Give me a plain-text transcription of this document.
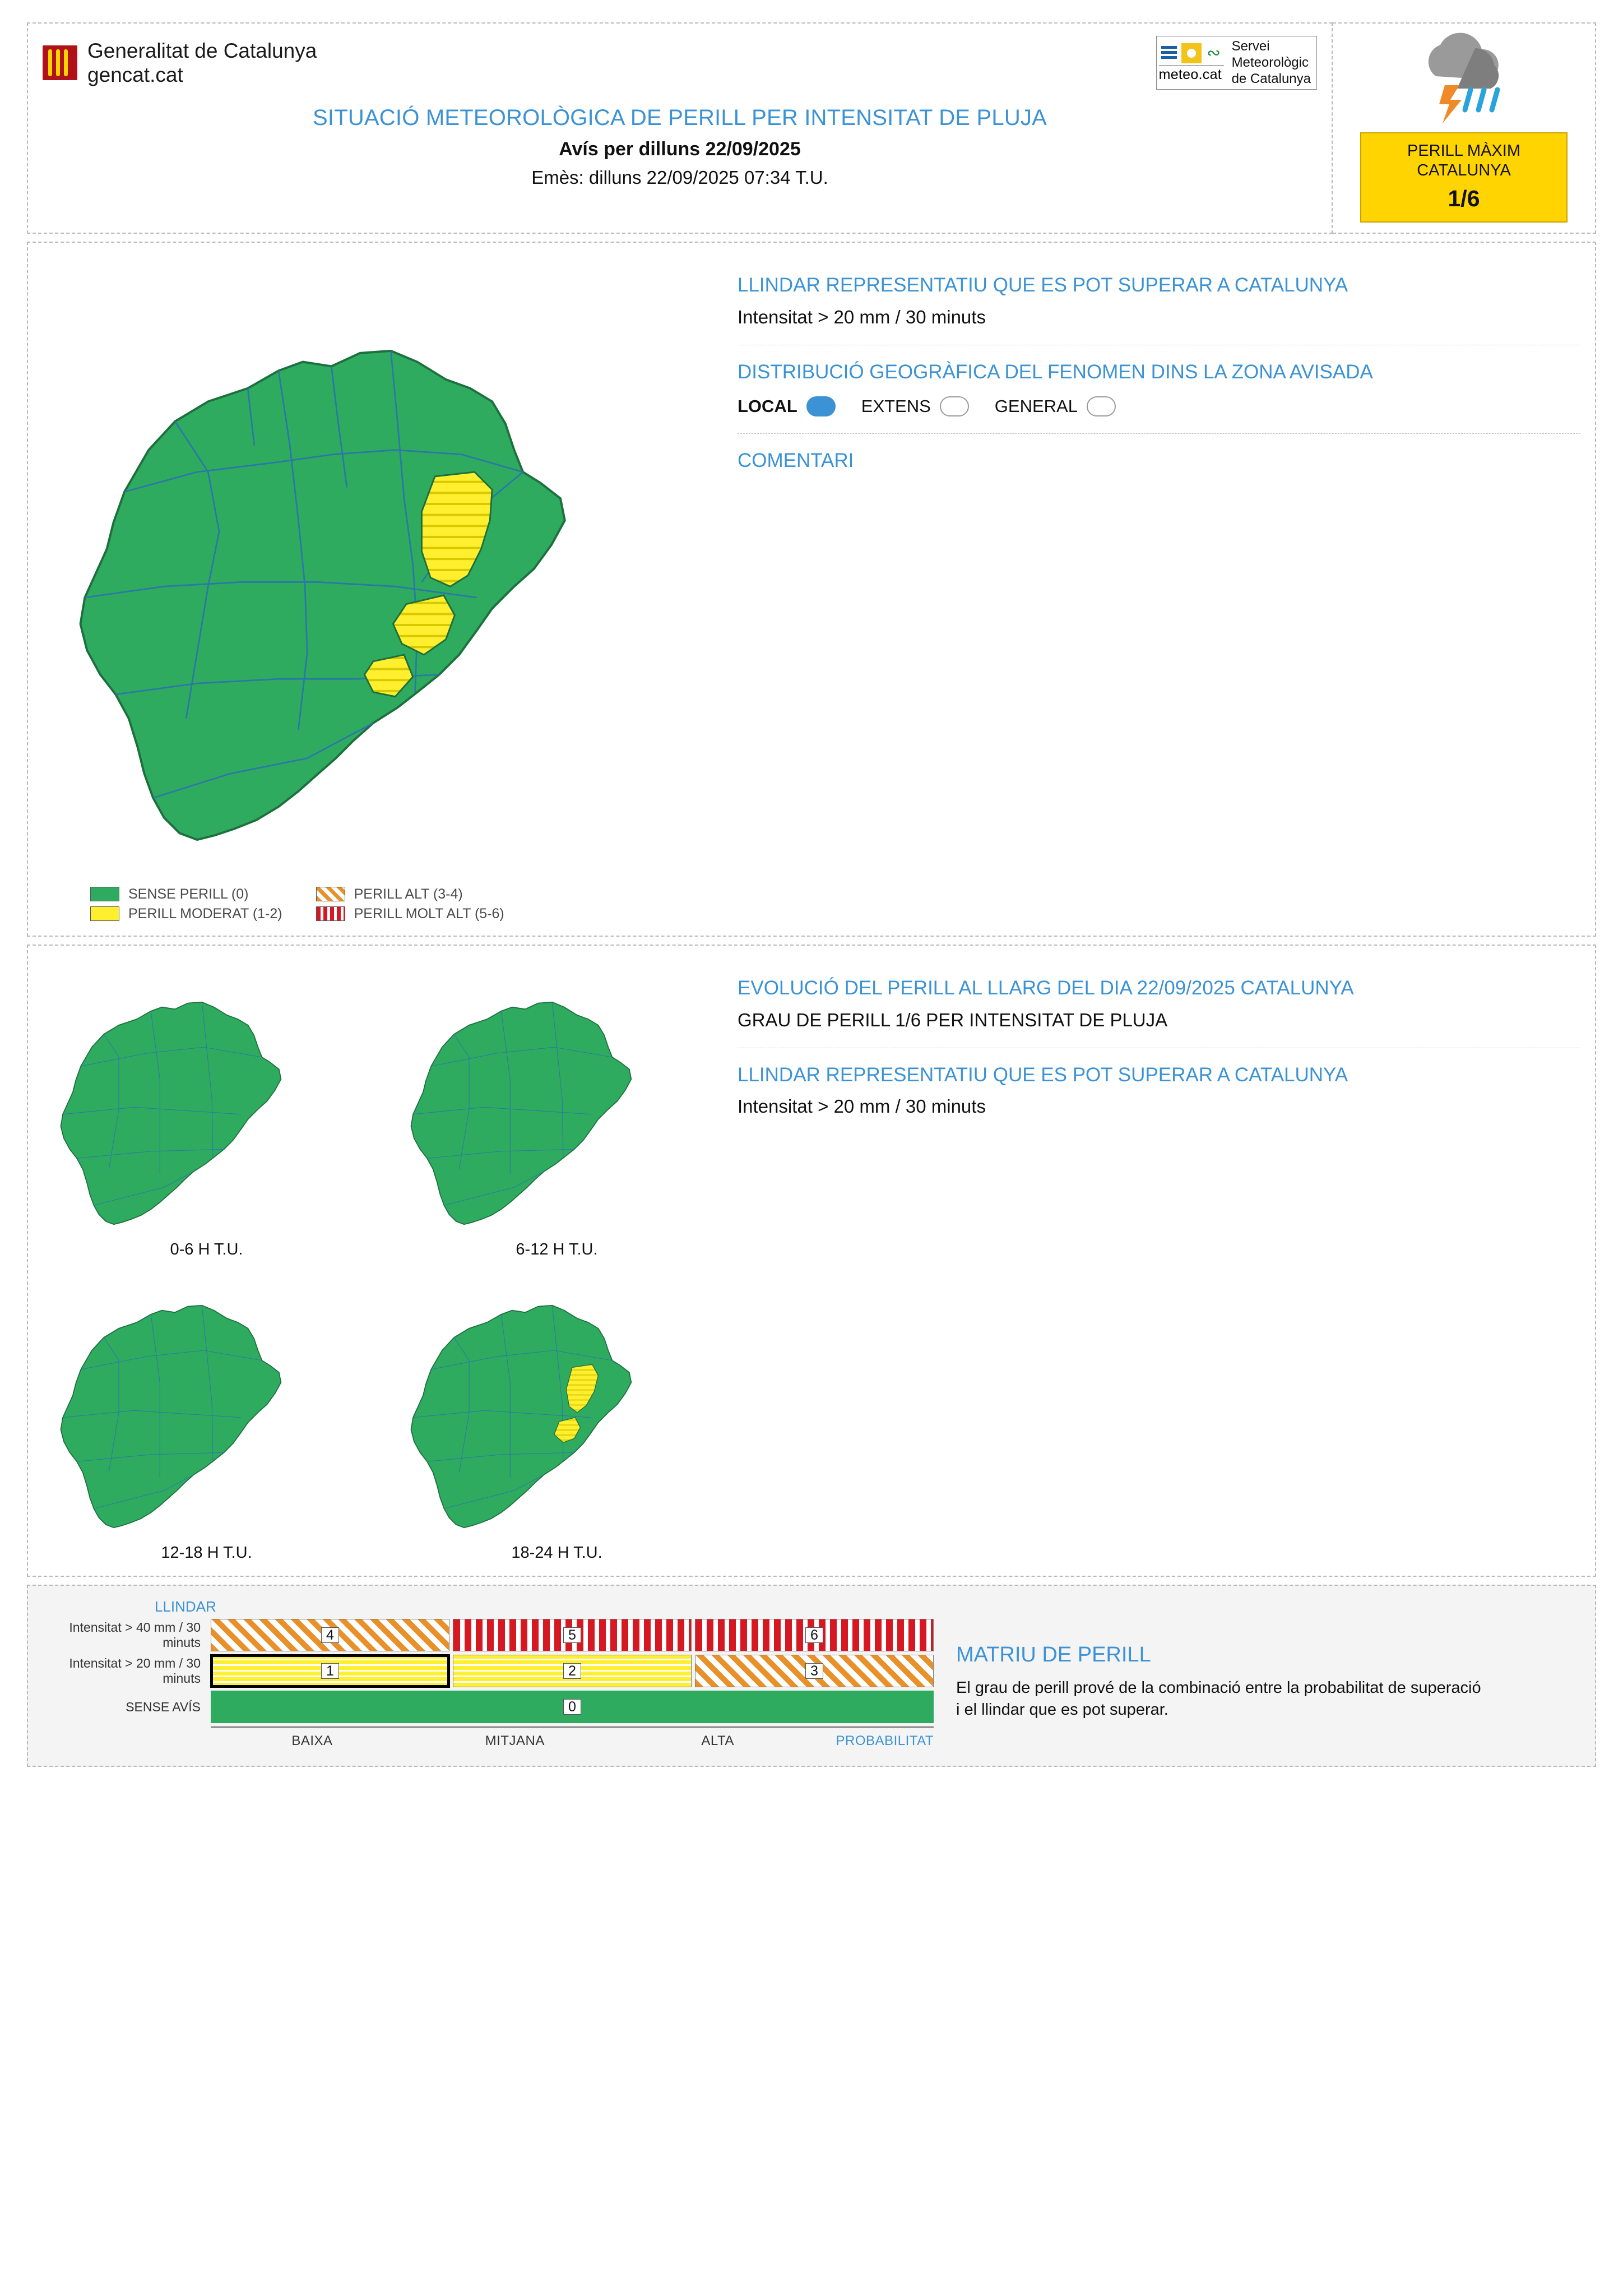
Generalitat de Catalunya
gencat.cat
∾
meteo.cat
Servei
Meteorològic
de Catalunya
SITUACIÓ METEOROLÒGICA DE PERILL PER INTENSITAT DE PLUJA
Avís per dilluns 22/09/2025
Emès: dilluns 22/09/2025 07:34 T.U.
PERILL MÀXIM
CATALUNYA
1/6
SENSE PERILL (0)
PERILL MODERAT (1-2)
PERILL ALT (3-4)
PERILL MOLT ALT (5-6)
LLINDAR REPRESENTATIU QUE ES POT SUPERAR A CATALUNYA
Intensitat > 20 mm / 30 minuts
DISTRIBUCIÓ GEOGRÀFICA DEL FENOMEN DINS LA ZONA AVISADA
LOCAL	EXTENS	GENERAL
COMENTARI
0-6 H T.U.	6-12 H T.U.
12-18 H T.U.	18-24 H T.U.
EVOLUCIÓ DEL PERILL AL LLARG DEL DIA 22/09/2025 CATALUNYA
GRAU DE PERILL 1/6 PER INTENSITAT DE PLUJA
LLINDAR REPRESENTATIU QUE ES POT SUPERAR A CATALUNYA
Intensitat > 20 mm / 30 minuts
LLINDAR
Intensitat > 40 mm / 30 minuts	4	5	6
Intensitat > 20 mm / 30 minuts	1	2	3
SENSE AVÍS	0
BAIXA	MITJANA	ALTA	PROBABILITAT
MATRIU DE PERILL
El grau de perill prové de la combinació entre la probabilitat de superació i el llindar que es pot superar.
